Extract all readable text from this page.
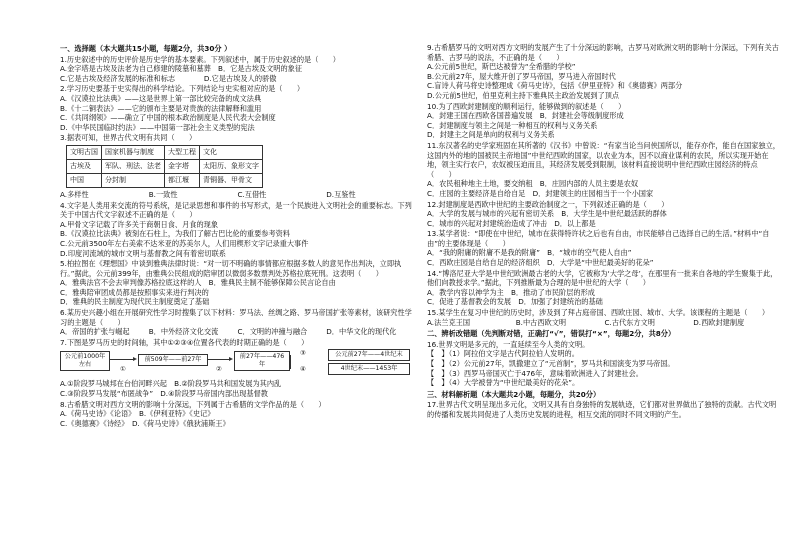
一、选择题（本大题共15小题，每题2分，共30分 ）
1.历史叙述中的历史评价是历史学的基本要素。下列叙述中，属于历史叙述的是（　　）
A.金字塔是古埃及法老为自己修建的陵墓和墓葬　B．它是古埃及文明的象征
C.它是古埃及经济发展的标准和标志　　　　D.它是古埃及人的骄傲
2.学习历史要基于史实得出的科学结论。下列结论与史实相对应的是（　　）
A.《汉谟拉比法典》——这是世界上第一部比较完备的成文法典
B.《十二铜表法》——它的颁布主要是对贵族的法律解释和滥用
C.《共同纲领》——确立了中国的根本政治制度是人民代表大会制度
D.《中华民国临时约法》——中国第一部社会主义类型的宪法
3.据表可知，世界古代文明有共同（　　）
文明古国	国家机器与制度	大型工程	文化
古埃及	军队、刑法、法老	金字塔	太阳历、象形文字
中国	分封制	都江堰	青铜器、甲骨文
A.多样性	B.一致性	C.互借性	D.互鉴性
4.文字是人类用来交流的符号系统，是记录思想和事件的书写形式，是一个民族进入文明社会的重要标志。下列关于中国古代文字叙述不正确的是（　　）
A.甲骨文字记载了许多关于商朝日食、月食的现象
B.《汉谟拉比法典》被刻在石柱上，为我们了解古巴比伦的重要参考资料
C.公元前3500年左右美索不达米亚的苏美尔人，人们用楔形文字记录重大事件
D.印度河流域的城市文明与基督教之间有着密切联系
5.柏拉图在《理想国》中谈到雅典法律时说：“对一切不明确的事情都应根据多数人的意见作出判决，立即执行。”据此，公元前399年，由雅典公民组成的陪审团以微弱多数票判处苏格拉底死刑。这表明（　　）
A．雅典法官不会去审判像苏格拉底这样的人　B．雅典民主制不能够保障公民言论自由
C．雅典陪审团成员都是按照事实来进行判决的
D．雅典的民主制度为现代民主制度奠定了基础
6.某历史兴趣小组在开展研究性学习时搜集了以下材料：罗马法、丝绸之路、罗马帝国扩张等素材，该研究性学习的主题是（　　）
A．帝国的扩张与崛起	B．中外经济文化交流	C．文明的冲撞与融合	D．中华文化的现代化
7.下图是罗马历史的时间轴，其中①②③④位置各代表的时期正确的是（　　）
公元前1000年左右
前509年——前27年	前27年——476年
公元前27年——4世纪末
4世纪末——1453年
①	②
③
④
A.①阶段罗马城邦在台伯河畔兴起　B.②阶段罗马共和国发展为其内乱
C.③阶段罗马发展“布匿战争”　D.④阶段罗马帝国内部出现基督教
8.古希腊文明对西方文明的影响十分深远，下列属于古希腊的文学作品的是（　　）
A.《荷马史诗》《论语》　B.《伊利亚特》《史记》
C.《奥德赛》《诗经》　D.《荷马史诗》《俄狄浦斯王》
9.古希腊罗马的文明对西方文明的发展产生了十分深远的影响，古罗马对欧洲文明的影响十分深远，下列有关古希腊、古罗马的说法，不正确的是（　　）
A.公元前5世纪，斯巴达被誉为“全希腊的学校”
B.公元前27年，屋大维开创了罗马帝国，罗马进入帝国时代
C.盲诗人荷马将史诗整理成《荷马史诗》，包括《伊里亚特》和《奥德赛》两部分
D.公元前5世纪，伯里克利主持下雅典民主政治发展到了顶点
10.为了西欧封建制度的顺利运行，能够做到的叙述是（　　）
A．封建王国在西欧各国普遍发展　B．封建社会等级制度形成
C．封建制度与领主之间是一种相互的权利与义务关系
D．封建主之间是单向的权利与义务关系
11.东汉著名的史学家班固在其所著的《汉书》中曾说：“有家当论当问侠国所以，能存亦作，能自在国家独立，这国内外的地的国被民主帝地国”中世纪西欧的国家，以农业为本，因不以商业谋利的农民，所以实现开始在地，领主实行农户，农奴被压迫而且，其经济发展受到限制，该材料直接说明中世纪西欧庄园经济的特点（　　）
A．农民租种地主土地，要交纳租　B．庄园内部的人员主要是农奴
C．庄园的主要经济是自给自足　D．封建领主的庄园相当于一个小国家
12.封建制度是西欧中世纪的主要政治制度之一，下列叙述正确的是（　　）
A．大学的发展与城市的兴起有密切关系　B．大学生是中世纪最活跃的群体
C．城市的兴起对封建统治造成了冲击　D．以上都是
13.某学者说：“即使在中世纪，城市在获得特许状之后也有自由，市民能够自己选择自己的生活。”材料中“自由”的主要体现是（　　）
A．“我的附庸的附庸不是我的附庸”　B．“城市的空气使人自由”
C．西欧庄园是自给自足的经济组织　D．大学是“中世纪最美好的花朵”
14.“博洛尼亚大学是中世纪欧洲最古老的大学，它被称为‘大学之母’，在那里有一批来自各地的学生聚集于此，他们向教授求学。”据此，下列推断最为合理的是中世纪的大学（　　）
A．教学内容以神学为主　B．推动了市民阶层的形成
C．促进了基督教会的发展　D．加强了封建统治的基础
15.某学生在复习中世纪的历史时，涉及到了拜占庭帝国、西欧庄园、城市、大学。该课程的主题是（　　）
A.法兰克王国	B.中古西欧文明	C.古代东方文明	D.西欧封建制度
二、辨析改错题（先判断对错，正确打“√”，错误打“×”，每题2分，共8分）
16.世界文明是多元的，一直延续至今人类的文明。
【　】（1）阿拉伯文字是古代阿拉伯人发明的。
【　】（2）公元前27年，凯撒建立了“元首制”，罗马共和国演变为罗马帝国。
【　】（3）西罗马帝国灭亡于476年，意味着欧洲进入了封建社会。
【　】（4）大学被誉为“中世纪最美好的花朵”。
三、材料解析题（本大题共2小题，每题分，共20分）
17.世界古代文明呈现出多元化，文明又具有自身独特的发展轨迹，它们都对世界做出了独特的贡献。古代文明的传播和发展共同促进了人类历史发展的进程，相互交流的同时不同文明的产生。
